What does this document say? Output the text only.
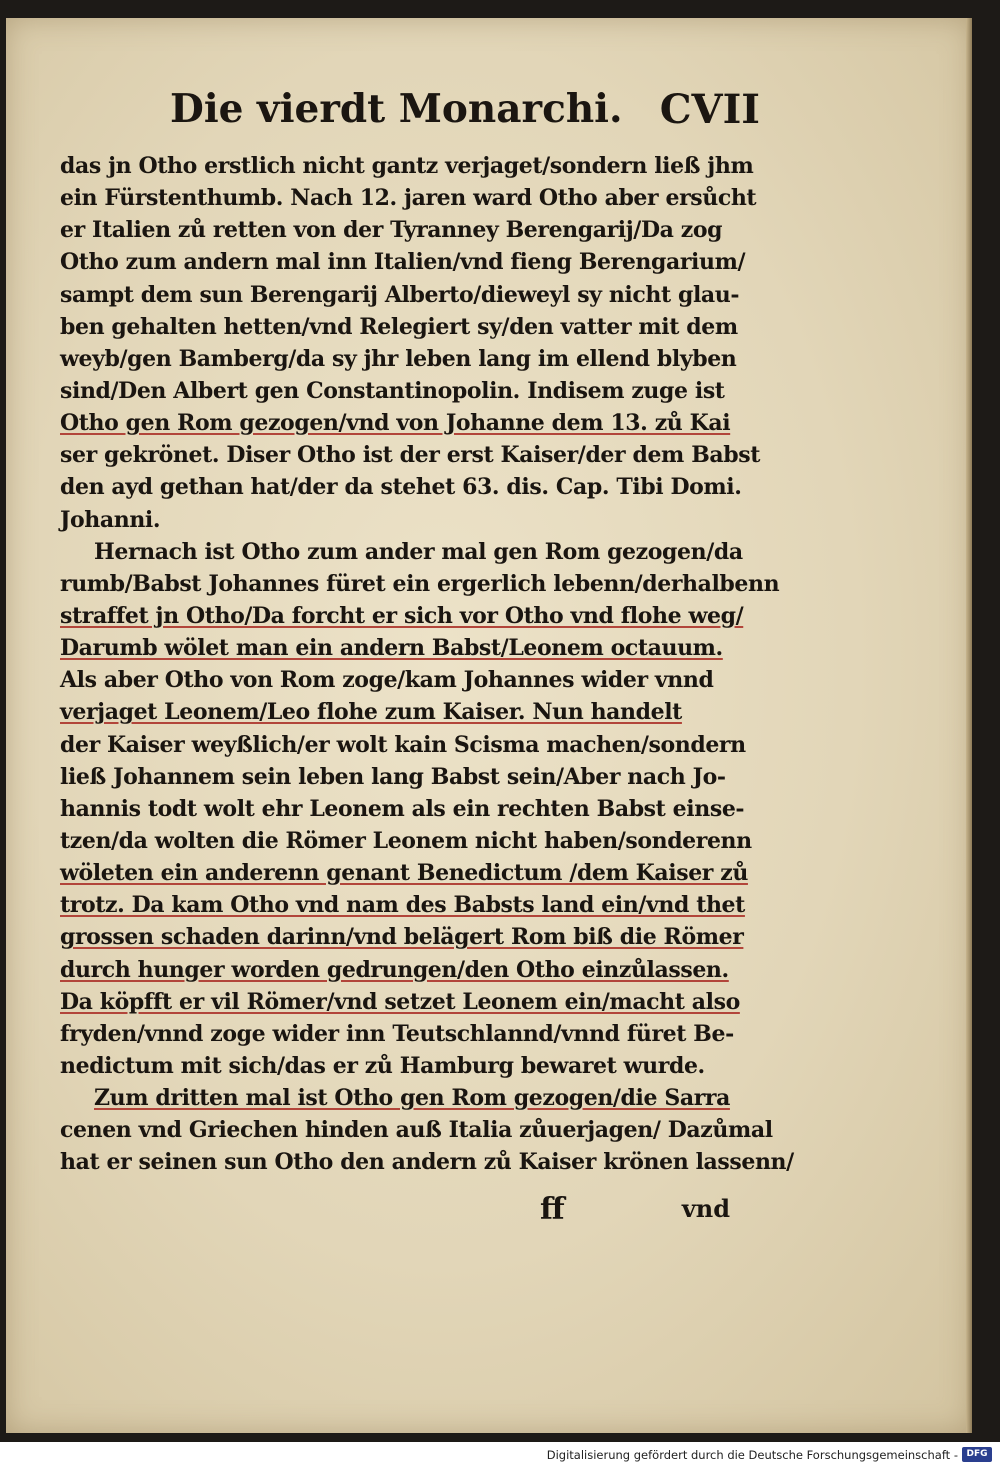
Die vierdt Monarchi. CVII
das jn Otho erstlich nicht gantz verjaget/sondern ließ jhm
ein Fürstenthumb. Nach 12. jaren ward Otho aber ersůcht
er Italien zů retten von der Tyranney Berengarij/Da zog
Otho zum andern mal inn Italien/vnd fieng Berengarium/
sampt dem sun Berengarij Alberto/dieweyl sy nicht glau-
ben gehalten hetten/vnd Relegiert sy/den vatter mit dem
weyb/gen Bamberg/da sy jhr leben lang im ellend blyben
sind/Den Albert gen Constantinopolin. Indisem zuge ist
Otho gen Rom gezogen/vnd von Johanne dem 13. zů Kai
ser gekrönet. Diser Otho ist der erst Kaiser/der dem Babst
den ayd gethan hat/der da stehet 63. dis. Cap. Tibi Domi.
Johanni.
Hernach ist Otho zum ander mal gen Rom gezogen/da
rumb/Babst Johannes füret ein ergerlich lebenn/derhalbenn
straffet jn Otho/Da forcht er sich vor Otho vnd flohe weg/
Darumb wölet man ein andern Babst/Leonem octauum.
Als aber Otho von Rom zoge/kam Johannes wider vnnd
verjaget Leonem/Leo flohe zum Kaiser. Nun handelt
der Kaiser weyßlich/er wolt kain Scisma machen/sondern
ließ Johannem sein leben lang Babst sein/Aber nach Jo-
hannis todt wolt ehr Leonem als ein rechten Babst einse-
tzen/da wolten die Römer Leonem nicht haben/sonderenn
wöleten ein anderenn genant Benedictum /dem Kaiser zů
trotz. Da kam Otho vnd nam des Babsts land ein/vnd thet
grossen schaden darinn/vnd belägert Rom biß die Römer
durch hunger worden gedrungen/den Otho einzůlassen.
Da köpfft er vil Römer/vnd setzet Leonem ein/macht also
fryden/vnnd zoge wider inn Teutschlannd/vnnd füret Be-
nedictum mit sich/das er zů Hamburg bewaret wurde.
Zum dritten mal ist Otho gen Rom gezogen/die Sarra
cenen vnd Griechen hinden auß Italia zůuerjagen/ Dazůmal
hat er seinen sun Otho den andern zů Kaiser krönen lassenn/
ff	vnd
Digitalisierung gefördert durch die Deutsche Forschungsgemeinschaft - DFG
